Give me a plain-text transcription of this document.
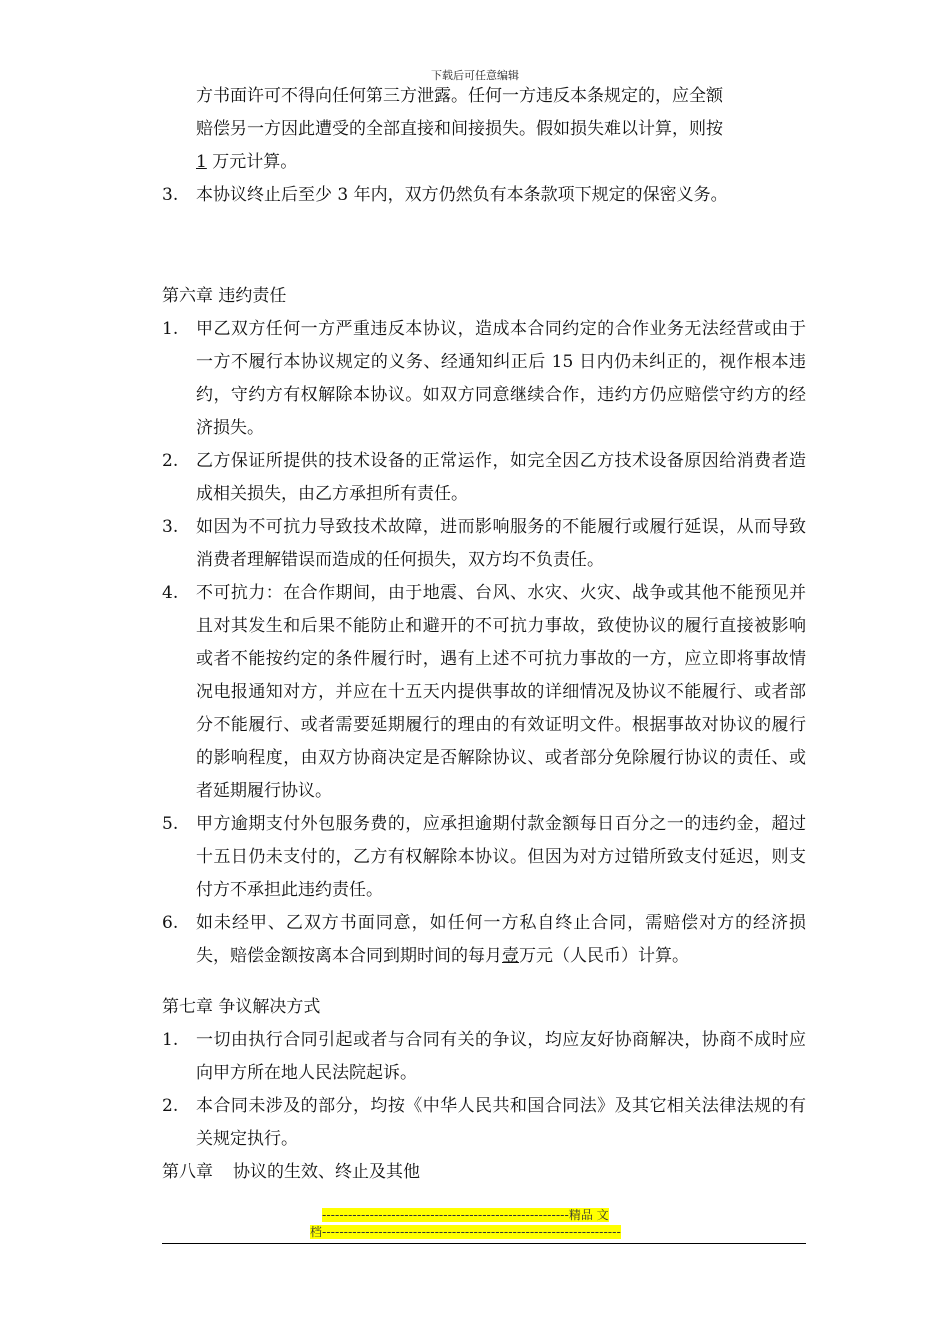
下载后可任意编辑
方书面许可不得向任何第三方泄露。任何一方违反本条规定的，应全额
赔偿另一方因此遭受的全部直接和间接损失。假如损失难以计算，则按
1 万元计算。
3.	本协议终止后至少 3 年内，双方仍然负有本条款项下规定的保密义务。
第六章 违约责任
1.	甲乙双方任何一方严重违反本协议，造成本合同约定的合作业务无法经营或由于一方不履行本协议规定的义务、经通知纠正后 15 日内仍未纠正的，视作根本违约，守约方有权解除本协议。如双方同意继续合作，违约方仍应赔偿守约方的经济损失。
2.	乙方保证所提供的技术设备的正常运作，如完全因乙方技术设备原因给消费者造成相关损失，由乙方承担所有责任。
3.	如因为不可抗力导致技术故障，进而影响服务的不能履行或履行延误，从而导致消费者理解错误而造成的任何损失，双方均不负责任。
4.	不可抗力：在合作期间，由于地震、台风、水灾、火灾、战争或其他不能预见并且对其发生和后果不能防止和避开的不可抗力事故，致使协议的履行直接被影响或者不能按约定的条件履行时，遇有上述不可抗力事故的一方，应立即将事故情况电报通知对方，并应在十五天内提供事故的详细情况及协议不能履行、或者部分不能履行、或者需要延期履行的理由的有效证明文件。根据事故对协议的履行的影响程度，由双方协商决定是否解除协议、或者部分免除履行协议的责任、或者延期履行协议。
5.	甲方逾期支付外包服务费的，应承担逾期付款金额每日百分之一的违约金，超过十五日仍未支付的，乙方有权解除本协议。但因为对方过错所致支付延迟，则支付方不承担此违约责任。
6.	如未经甲、乙双方书面同意，如任何一方私自终止合同，需赔偿对方的经济损失，赔偿金额按离本合同到期时间的每月壹万元（人民币）计算。
第七章 争议解决方式
1.	一切由执行合同引起或者与合同有关的争议，均应友好协商解决，协商不成时应向甲方所在地人民法院起诉。
2.	本合同未涉及的部分，均按《中华人民共和国合同法》及其它相关法律法规的有关规定执行。
第八章 协议的生效、终止及其他
---------------------------------------------------------精品 文
档---------------------------------------------------------------------
